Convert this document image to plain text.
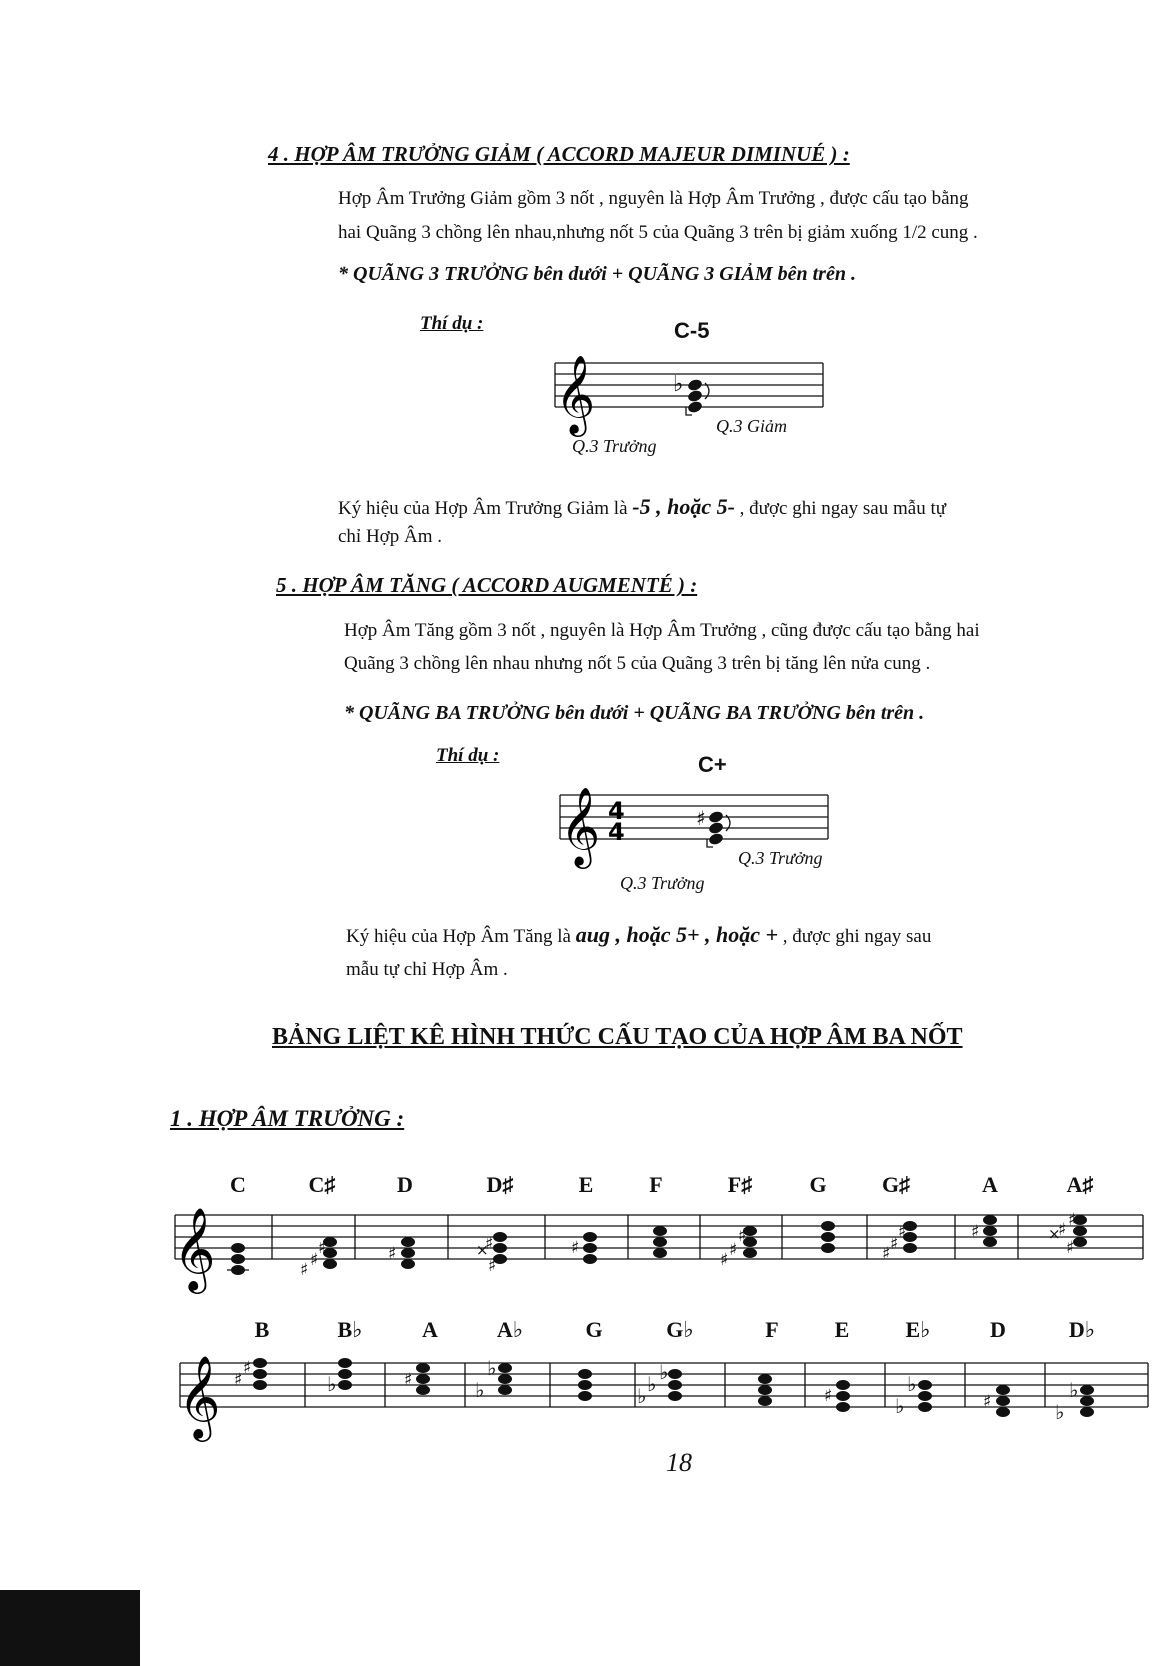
4 . HỢP ÂM TRƯỞNG GIẢM ( ACCORD MAJEUR DIMINUÉ ) :
Hợp Âm Trưởng Giảm gồm 3 nốt , nguyên là Hợp Âm Trưởng , được cấu tạo bằng
hai Quãng 3 chồng lên nhau,nhưng nốt 5 của Quãng 3 trên bị giảm xuống 1/2 cung .
* QUÃNG 3 TRƯỞNG bên dưới + QUÃNG 3 GIẢM bên trên .
Thí dụ :	C-5
𝄞	♭
Q.3 Giảm
Q.3 Trưởng
Ký hiệu của Hợp Âm Trưởng Giảm là -5 , hoặc 5- , được ghi ngay sau mẫu tự
chỉ Hợp Âm .
5 . HỢP ÂM TĂNG ( ACCORD AUGMENTÉ ) :
Hợp Âm Tăng gồm 3 nốt , nguyên là Hợp Âm Trưởng , cũng được cấu tạo bằng hai
Quãng 3 chồng lên nhau nhưng nốt 5 của Quãng 3 trên bị tăng lên nửa cung .
* QUÃNG BA TRƯỞNG bên dưới + QUÃNG BA TRƯỞNG bên trên .
Thí dụ :	C+
𝄞 4
4	♯
Q.3 Trưởng
Q.3 Trưởng
Ký hiệu của Hợp Âm Tăng là aug , hoặc 5+ , hoặc + , được ghi ngay sau
mẫu tự chỉ Hợp Âm .
BẢNG LIỆT KÊ HÌNH THỨC CẤU TẠO CỦA HỢP ÂM BA NỐT
1 . HỢP ÂM TRƯỞNG :
C	C♯	D	D♯	E	F	F♯	G	G♯	A	A♯
𝄞	♯ ♯
♯	♯
♯
×
♯	♯
♯ ♯
♯
♯ ♯
♯	♯
♯
×
♯ ♯
B	B♭	A	A♭	G	G♭	F	E	E♭	D	D♭
𝄞 ♯
♯
♭	♯	♭
♭
♭ ♭ ♭
♯	♭
♭
♯	♭
♭
18
